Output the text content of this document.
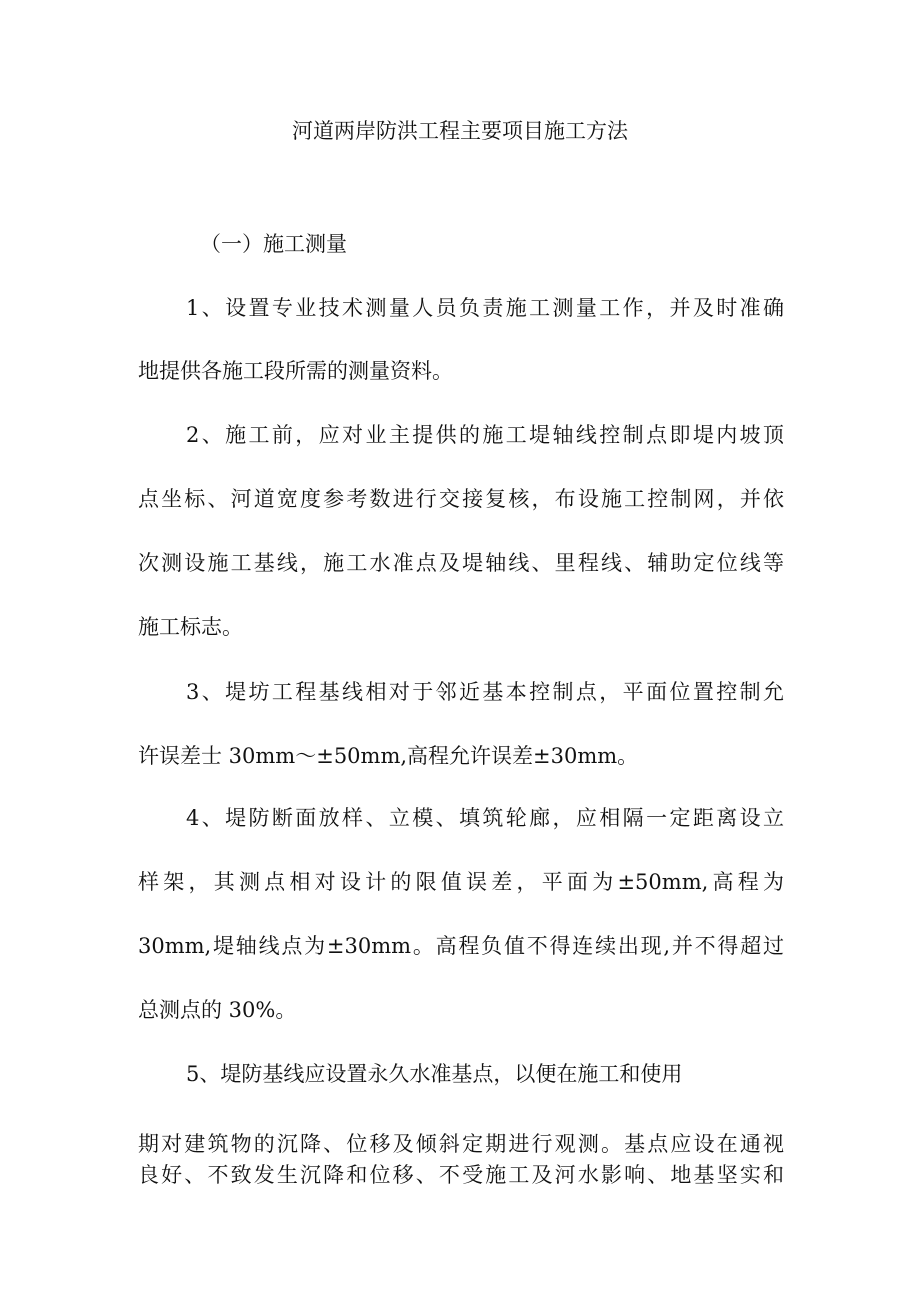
河道两岸防洪工程主要项目施工方法
（一）施工测量
1、设置专业技术测量人员负责施工测量工作，并及时准确
地提供各施工段所需的测量资料。
2、施工前，应对业主提供的施工堤轴线控制点即堤内坡顶
点坐标、河道宽度参考数进行交接复核，布设施工控制网，并依
次测设施工基线，施工水准点及堤轴线、里程线、辅助定位线等
施工标志。
3、堤坊工程基线相对于邻近基本控制点，平面位置控制允
许误差士 30mm～±50mm,高程允许误差±30mm。
4、堤防断面放样、立模、填筑轮廊，应相隔一定距离设立
样架，其测点相对设计的限值误差，平面为±50mm,高程为
30mm,堤轴线点为±30mm。高程负值不得连续出现,并不得超过
总测点的 30%。
5、堤防基线应设置永久水准基点，以便在施工和使用
期对建筑物的沉降、位移及倾斜定期进行观测。基点应设在通视
良好、不致发生沉降和位移、不受施工及河水影响、地基坚实和
